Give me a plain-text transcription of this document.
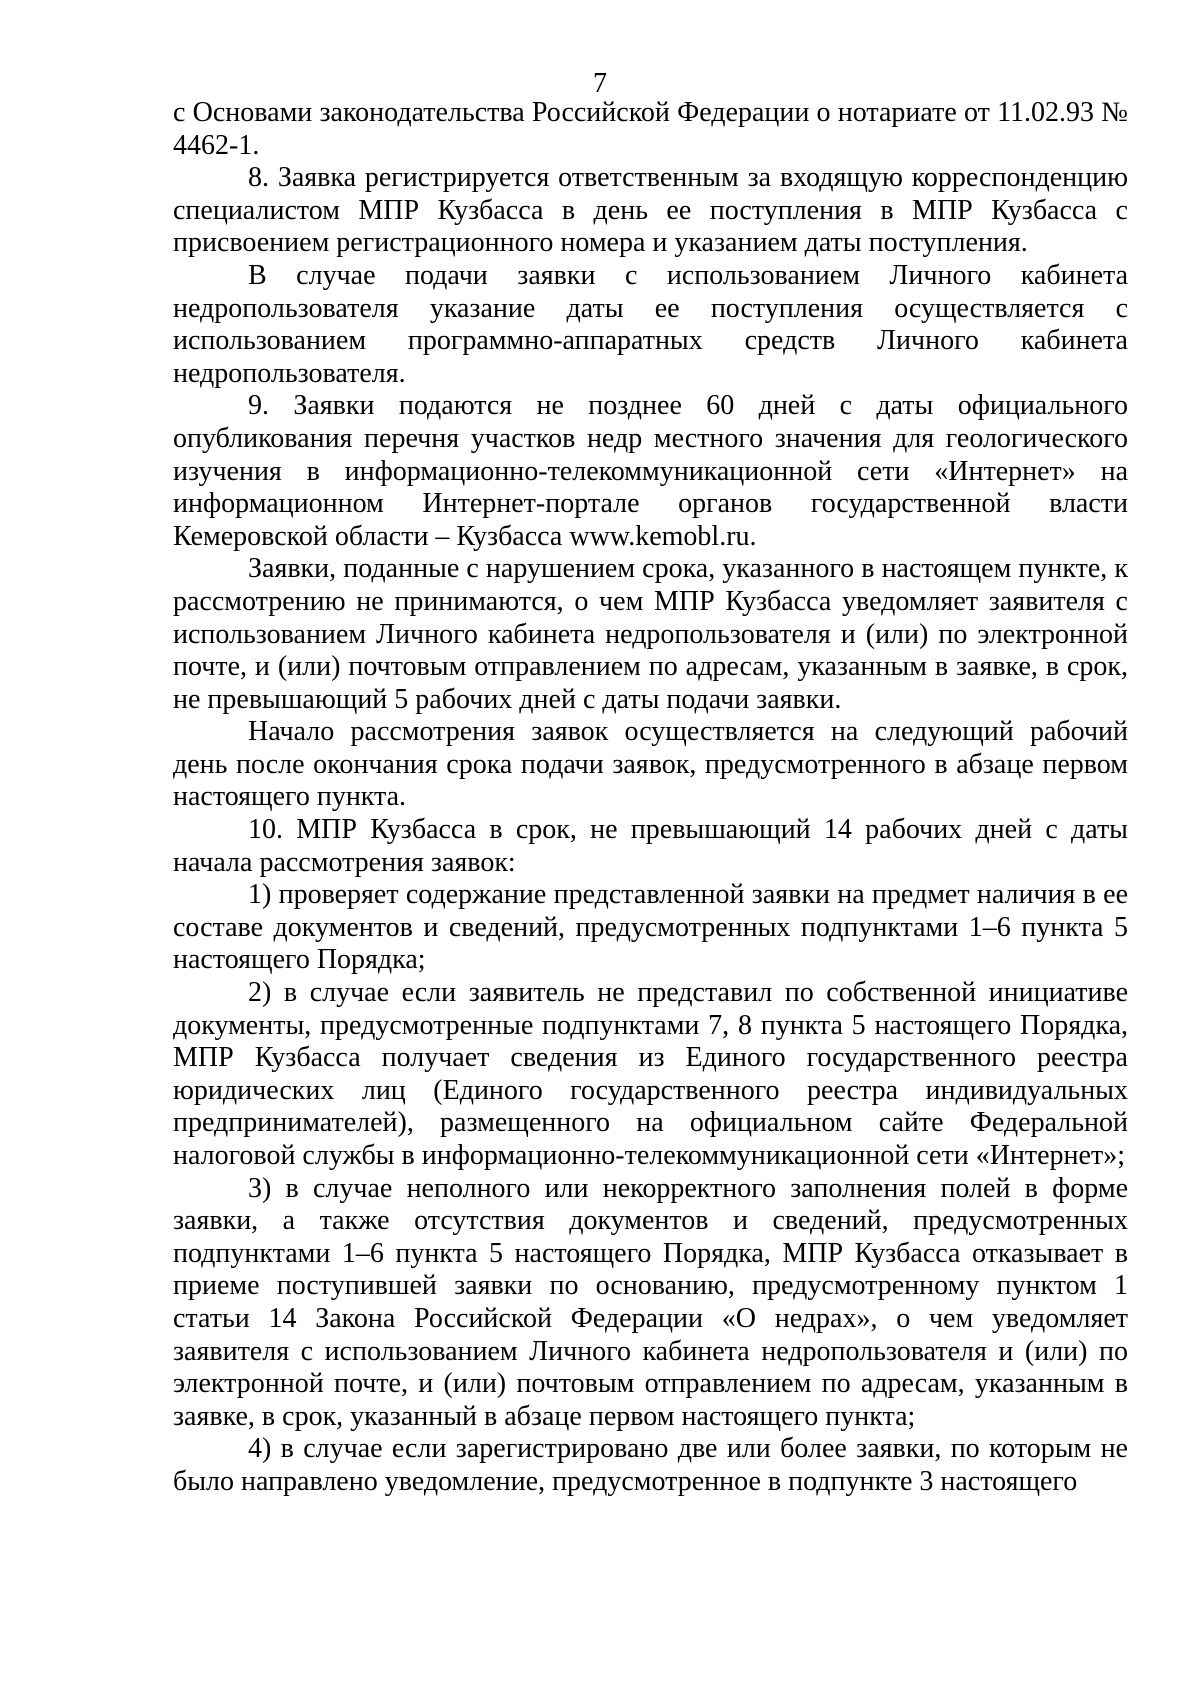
7

с Основами законодательства Российской Федерации о нотариате от 11.02.93 № 4462-1.

8. Заявка регистрируется ответственным за входящую корреспонденцию специалистом МПР Кузбасса в день ее поступления в МПР Кузбасса с присвоением регистрационного номера и указанием даты поступления.

В случае подачи заявки с использованием Личного кабинета недропользователя указание даты ее поступления осуществляется с использованием программно-аппаратных средств Личного кабинета недропользователя.

9. Заявки подаются не позднее 60 дней с даты официального опубликования перечня участков недр местного значения для геологического изучения в информационно-телекоммуникационной сети «Интернет» на информационном Интернет-портале органов государственной власти Кемеровской области – Кузбасса www.kemobl.ru.

Заявки, поданные с нарушением срока, указанного в настоящем пункте, к рассмотрению не принимаются, о чем МПР Кузбасса уведомляет заявителя с использованием Личного кабинета недропользователя и (или) по электронной почте, и (или) почтовым отправлением по адресам, указанным в заявке, в срок, не превышающий 5 рабочих дней с даты подачи заявки.

Начало рассмотрения заявок осуществляется на следующий рабочий день после окончания срока подачи заявок, предусмотренного в абзаце первом настоящего пункта.

10. МПР Кузбасса в срок, не превышающий 14 рабочих дней с даты начала рассмотрения заявок:

1) проверяет содержание представленной заявки на предмет наличия в ее составе документов и сведений, предусмотренных подпунктами 1–6 пункта 5 настоящего Порядка;

2) в случае если заявитель не представил по собственной инициативе документы, предусмотренные подпунктами 7, 8 пункта 5 настоящего Порядка, МПР Кузбасса получает сведения из Единого государственного реестра юридических лиц (Единого государственного реестра индивидуальных предпринимателей), размещенного на официальном сайте Федеральной налоговой службы в информационно-телекоммуникационной сети «Интернет»;

3) в случае неполного или некорректного заполнения полей в форме заявки, а также отсутствия документов и сведений, предусмотренных подпунктами 1–6 пункта 5 настоящего Порядка, МПР Кузбасса отказывает в приеме поступившей заявки по основанию, предусмотренному пунктом 1 статьи 14 Закона Российской Федерации «О недрах», о чем уведомляет заявителя с использованием Личного кабинета недропользователя и (или) по электронной почте, и (или) почтовым отправлением по адресам, указанным в заявке, в срок, указанный в абзаце первом настоящего пункта;

4) в случае если зарегистрировано две или более заявки, по которым не было направлено уведомление, предусмотренное в подпункте 3 настоящего
